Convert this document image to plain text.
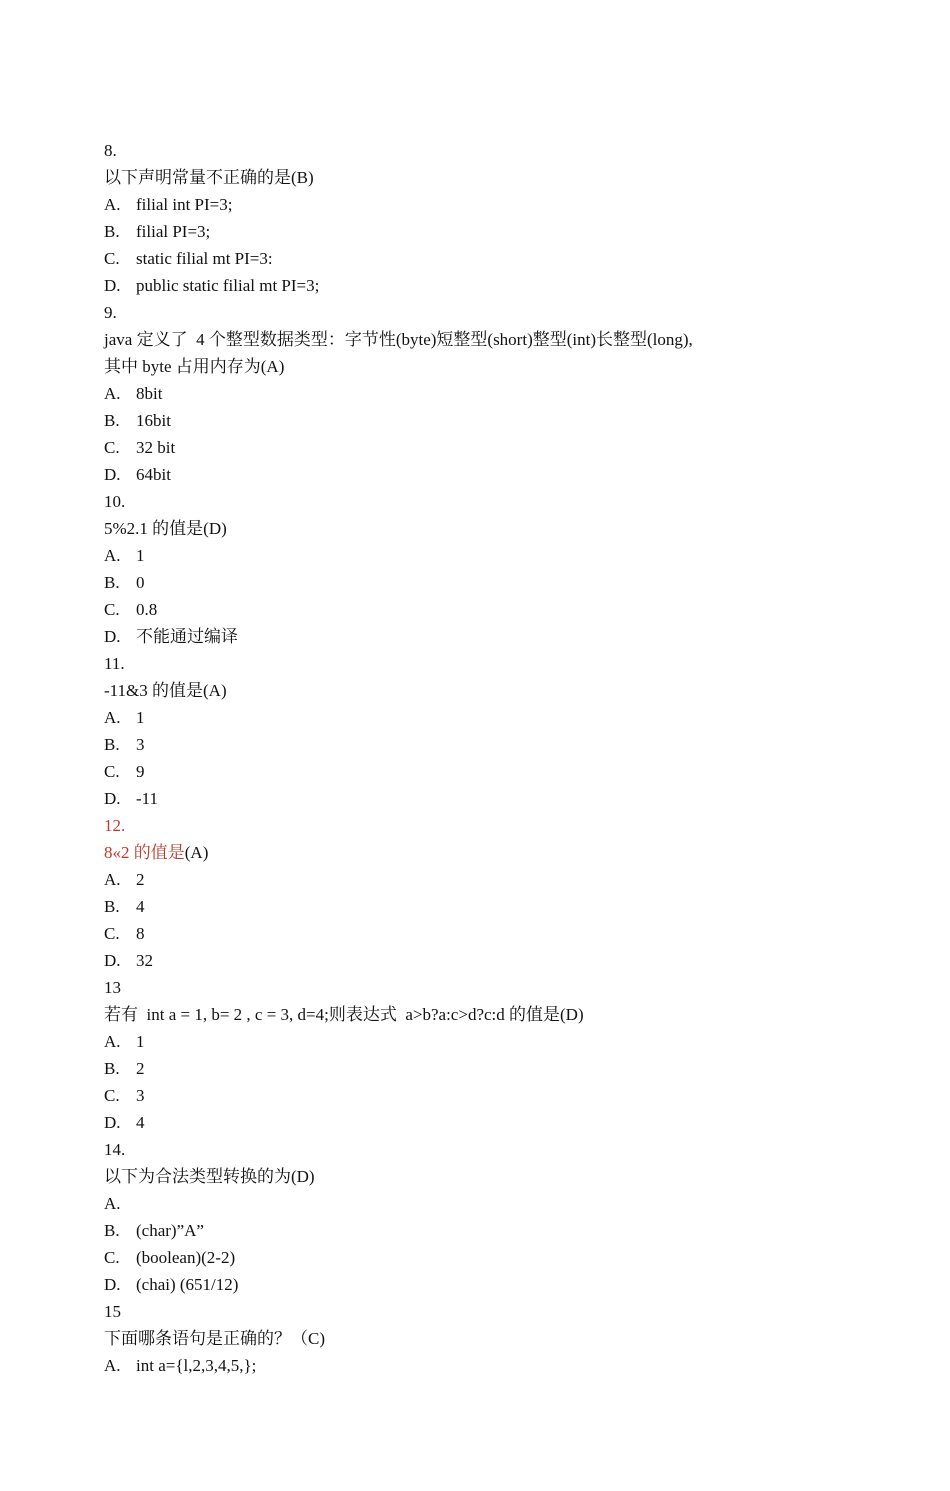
8.
以下声明常量不正确的是(B)
A. filial int PI=3;
B. filial PI=3;
C. static filial mt PI=3:
D. public static filial mt PI=3;
9.
java 定义了  4 个整型数据类型：字节性(byte)短整型(short)整型(int)长整型(long),
其中 byte 占用内存为(A)
A. 8bit
B. 16bit
C. 32 bit
D. 64bit
10.
5%2.1 的值是(D)
A. 1
B. 0
C. 0.8
D. 不能通过编译
11.
-11&3 的值是(A)
A. 1
B. 3
C. 9
D. -11
12.
8«2 的值是(A)
A. 2
B. 4
C. 8
D. 32
13
若有  int a = 1, b= 2 , c = 3, d=4;则表达式  a>b?a:c>d?c:d 的值是(D)
A. 1
B. 2
C. 3
D. 4
14.
以下为合法类型转换的为(D)
A.
B. (char)”A”
C. (boolean)(2-2)
D. (chai) (651/12)
15
下面哪条语句是正确的？（C)
A. int a={l,2,3,4,5,};
